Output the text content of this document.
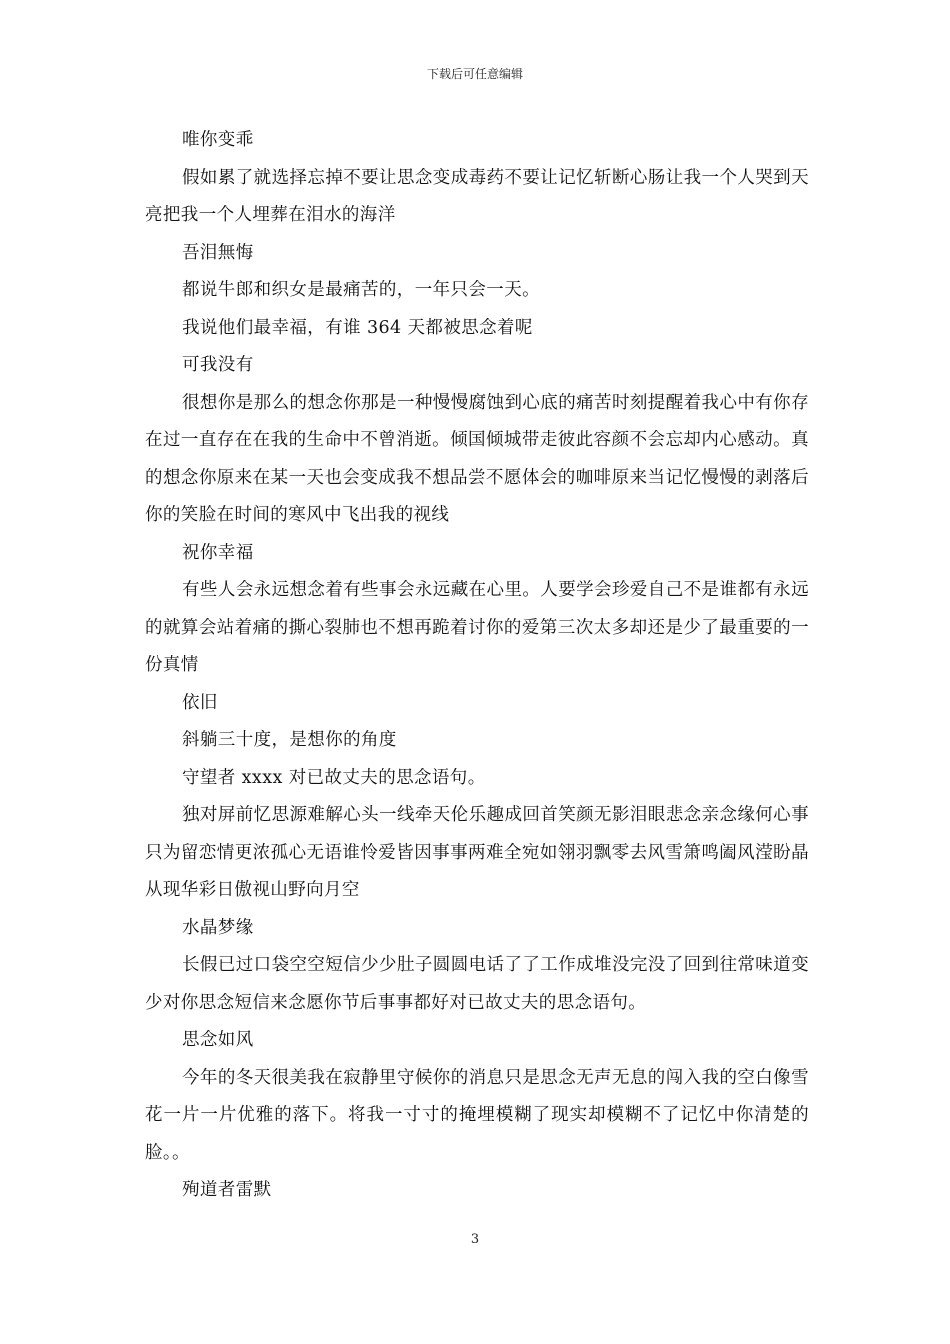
下载后可任意编辑

唯你变乖

假如累了就选择忘掉不要让思念变成毒药不要让记忆斩断心肠让我一个人哭到天亮把我一个人埋葬在泪水的海洋

吾泪無悔

都说牛郎和织女是最痛苦的，一年只会一天。

我说他们最幸福，有谁 364 天都被思念着呢

可我没有

很想你是那么的想念你那是一种慢慢腐蚀到心底的痛苦时刻提醒着我心中有你存在过一直存在在我的生命中不曾消逝。倾国倾城带走彼此容颜不会忘却内心感动。真的想念你原来在某一天也会变成我不想品尝不愿体会的咖啡原来当记忆慢慢的剥落后你的笑脸在时间的寒风中飞出我的视线

祝你幸福

有些人会永远想念着有些事会永远藏在心里。人要学会珍爱自己不是谁都有永远的就算会站着痛的撕心裂肺也不想再跪着讨你的爱第三次太多却还是少了最重要的一份真情

依旧

斜躺三十度，是想你的角度

守望者 xxxx 对已故丈夫的思念语句。

独对屏前忆思源难解心头一线牵天伦乐趣成回首笑颜无影泪眼悲念亲念缘何心事只为留恋情更浓孤心无语谁怜爱皆因事事两难全宛如翎羽飘零去风雪箫鸣阖风滢盼晶从现华彩日傲视山野向月空

水晶梦缘

长假已过口袋空空短信少少肚子圆圆电话了了工作成堆没完没了回到往常味道变少对你思念短信来念愿你节后事事都好对已故丈夫的思念语句。

思念如风

今年的冬天很美我在寂静里守候你的消息只是思念无声无息的闯入我的空白像雪花一片一片优雅的落下。将我一寸寸的掩埋模糊了现实却模糊不了记忆中你清楚的脸。。

殉道者雷默

3
